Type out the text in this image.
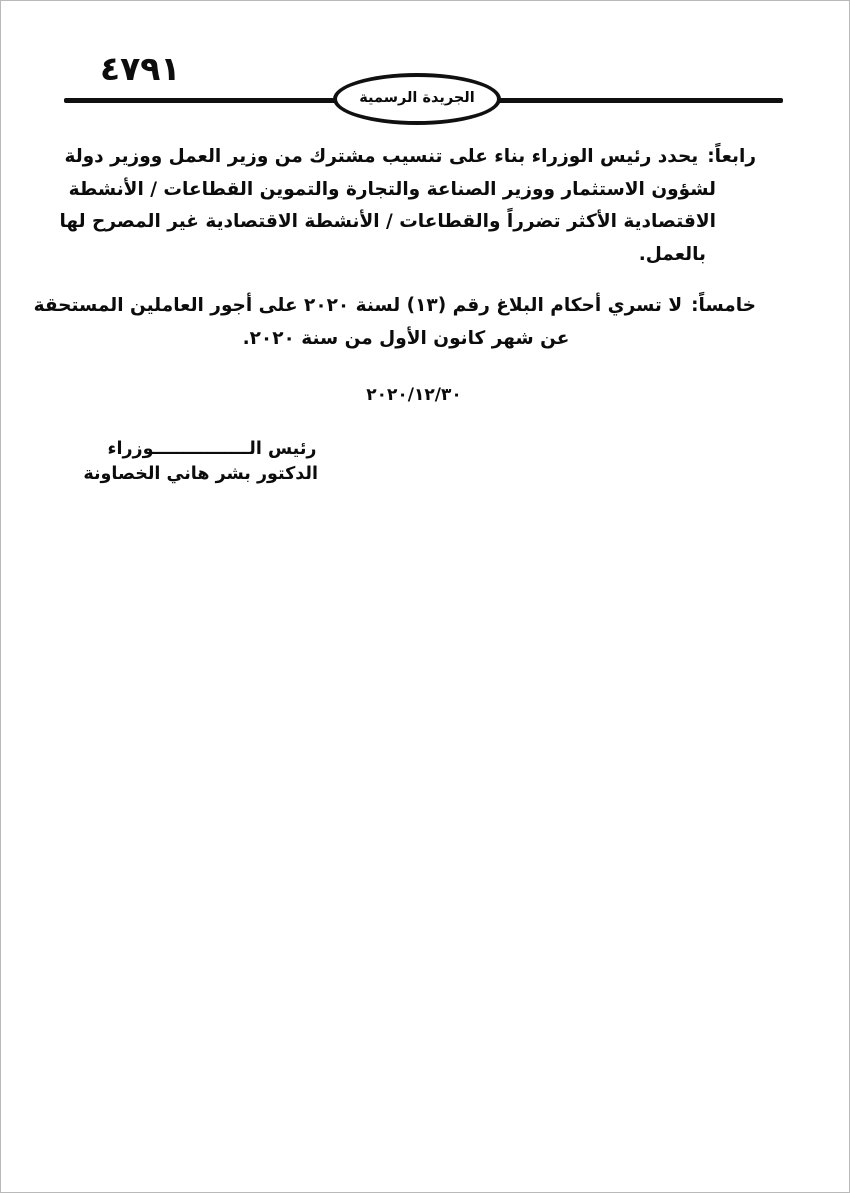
٤٧٩١
الجريدة الرسمية
رابعاً:يحدد رئيس الوزراء بناء على تنسيب مشترك من وزير العمل ووزير دولة
لشؤون الاستثمار ووزير الصناعة والتجارة والتموين القطاعات / الأنشطة
الاقتصادية الأكثر تضرراً والقطاعات / الأنشطة الاقتصادية غير المصرح لها
بالعمل.
خامساً:لا تسري أحكام البلاغ رقم (١٣) لسنة ٢٠٢٠ على أجور العاملين المستحقة
عن شهر كانون الأول من سنة ٢٠٢٠.
٢٠٢٠/١٢/٣٠
رئيس الــــــــــــــــوزراء
الدكتور بشر هاني الخصاونة
